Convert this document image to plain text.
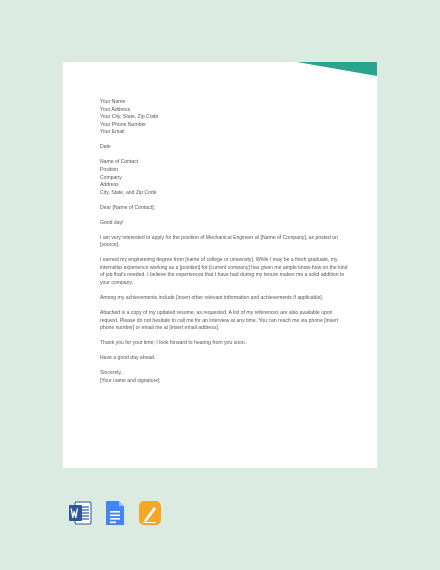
Your Name
Your Address
Your City, State, Zip Code
Your Phone Number
Your Email

Date

Name of Contact
Position
Company
Address
City, State, and Zip Code

Dear [Name of Contact];

Good day!

I am very interested to apply for the position of Mechanical Engineer at [Name of Company], as posted on [source].

I earned my engineering degree from [name of college or university]. While I may be a fresh graduate, my internship experience working as a [position] for [current company] has given me ample know-how on the kind of job that's needed. I believe the experiences that I have had during my tenure makes me a solid addition to your company.

Among my achievements include [insert other relevant information and achievements if applicable].

Attached is a copy of my updated resume, as requested. A list of my references are also available upon request. Please do not hesitate to call me for an interview at any time. You can reach me via phone [insert phone number] or email me at [insert email address].

Thank you for your time; I look forward to hearing from you soon.

Have a good day ahead.

Sincerely,
[Your name and signature]
